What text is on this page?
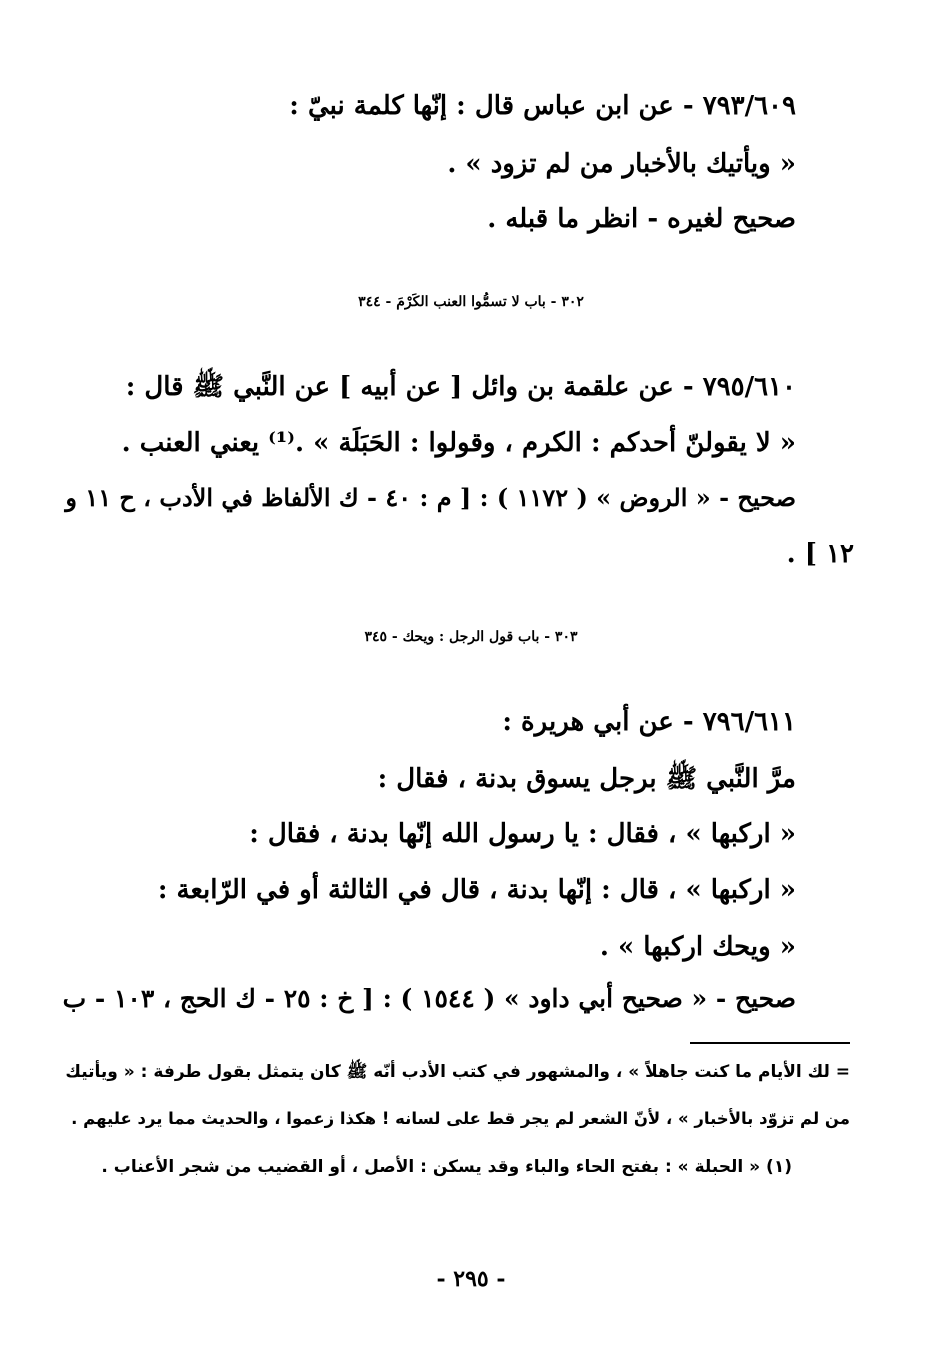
٧٩٣/٦٠٩ - عن ابن عباس قال : إنّها كلمة نبيّ :
« ويأتيك بالأخبار من لم تزود » .
صحيح لغيره - انظر ما قبله .
٣٠٢ - باب لا تسمُّوا العنب الكَرْمَ - ٣٤٤
٧٩٥/٦١٠ - عن علقمة بن وائل [ عن أبيه ] عن النَّبي ﷺ قال :
« لا يقولنّ أحدكم : الكرم ، وقولوا : الحَبَلَة » .⁽¹⁾ يعني العنب .
صحيح - « الروض » ( ١١٧٢ ) : [ م : ٤٠ - ك الألفاظ في الأدب ، ح ١١ و
١٢ ] .
٣٠٣ - باب قول الرجل : ويحك - ٣٤٥
٧٩٦/٦١١ - عن أبي هريرة :
مرَّ النَّبي ﷺ برجل يسوق بدنة ، فقال :
« اركبها » ، فقال : يا رسول الله إنّها بدنة ، فقال :
« اركبها » ، قال : إنّها بدنة ، قال في الثالثة أو في الرّابعة :
« ويحك اركبها » .
صحيح - « صحيح أبي داود » ( ١٥٤٤ ) : [ خ : ٢٥ - ك الحج ، ١٠٣ - ب
= لك الأيام ما كنت جاهلاً » ، والمشهور في كتب الأدب أنّه ﷺ كان يتمثل بقول طرفة : « ويأتيك
من لم تزوّد بالأخبار » ، لأنّ الشعر لم يجر قط على لسانه ! هكذا زعموا ، والحديث مما يرد عليهم .
(١) « الحبلة » : بفتح الحاء والباء وقد يسكن : الأصل ، أو القضيب من شجر الأعناب .
- ٢٩٥ -
